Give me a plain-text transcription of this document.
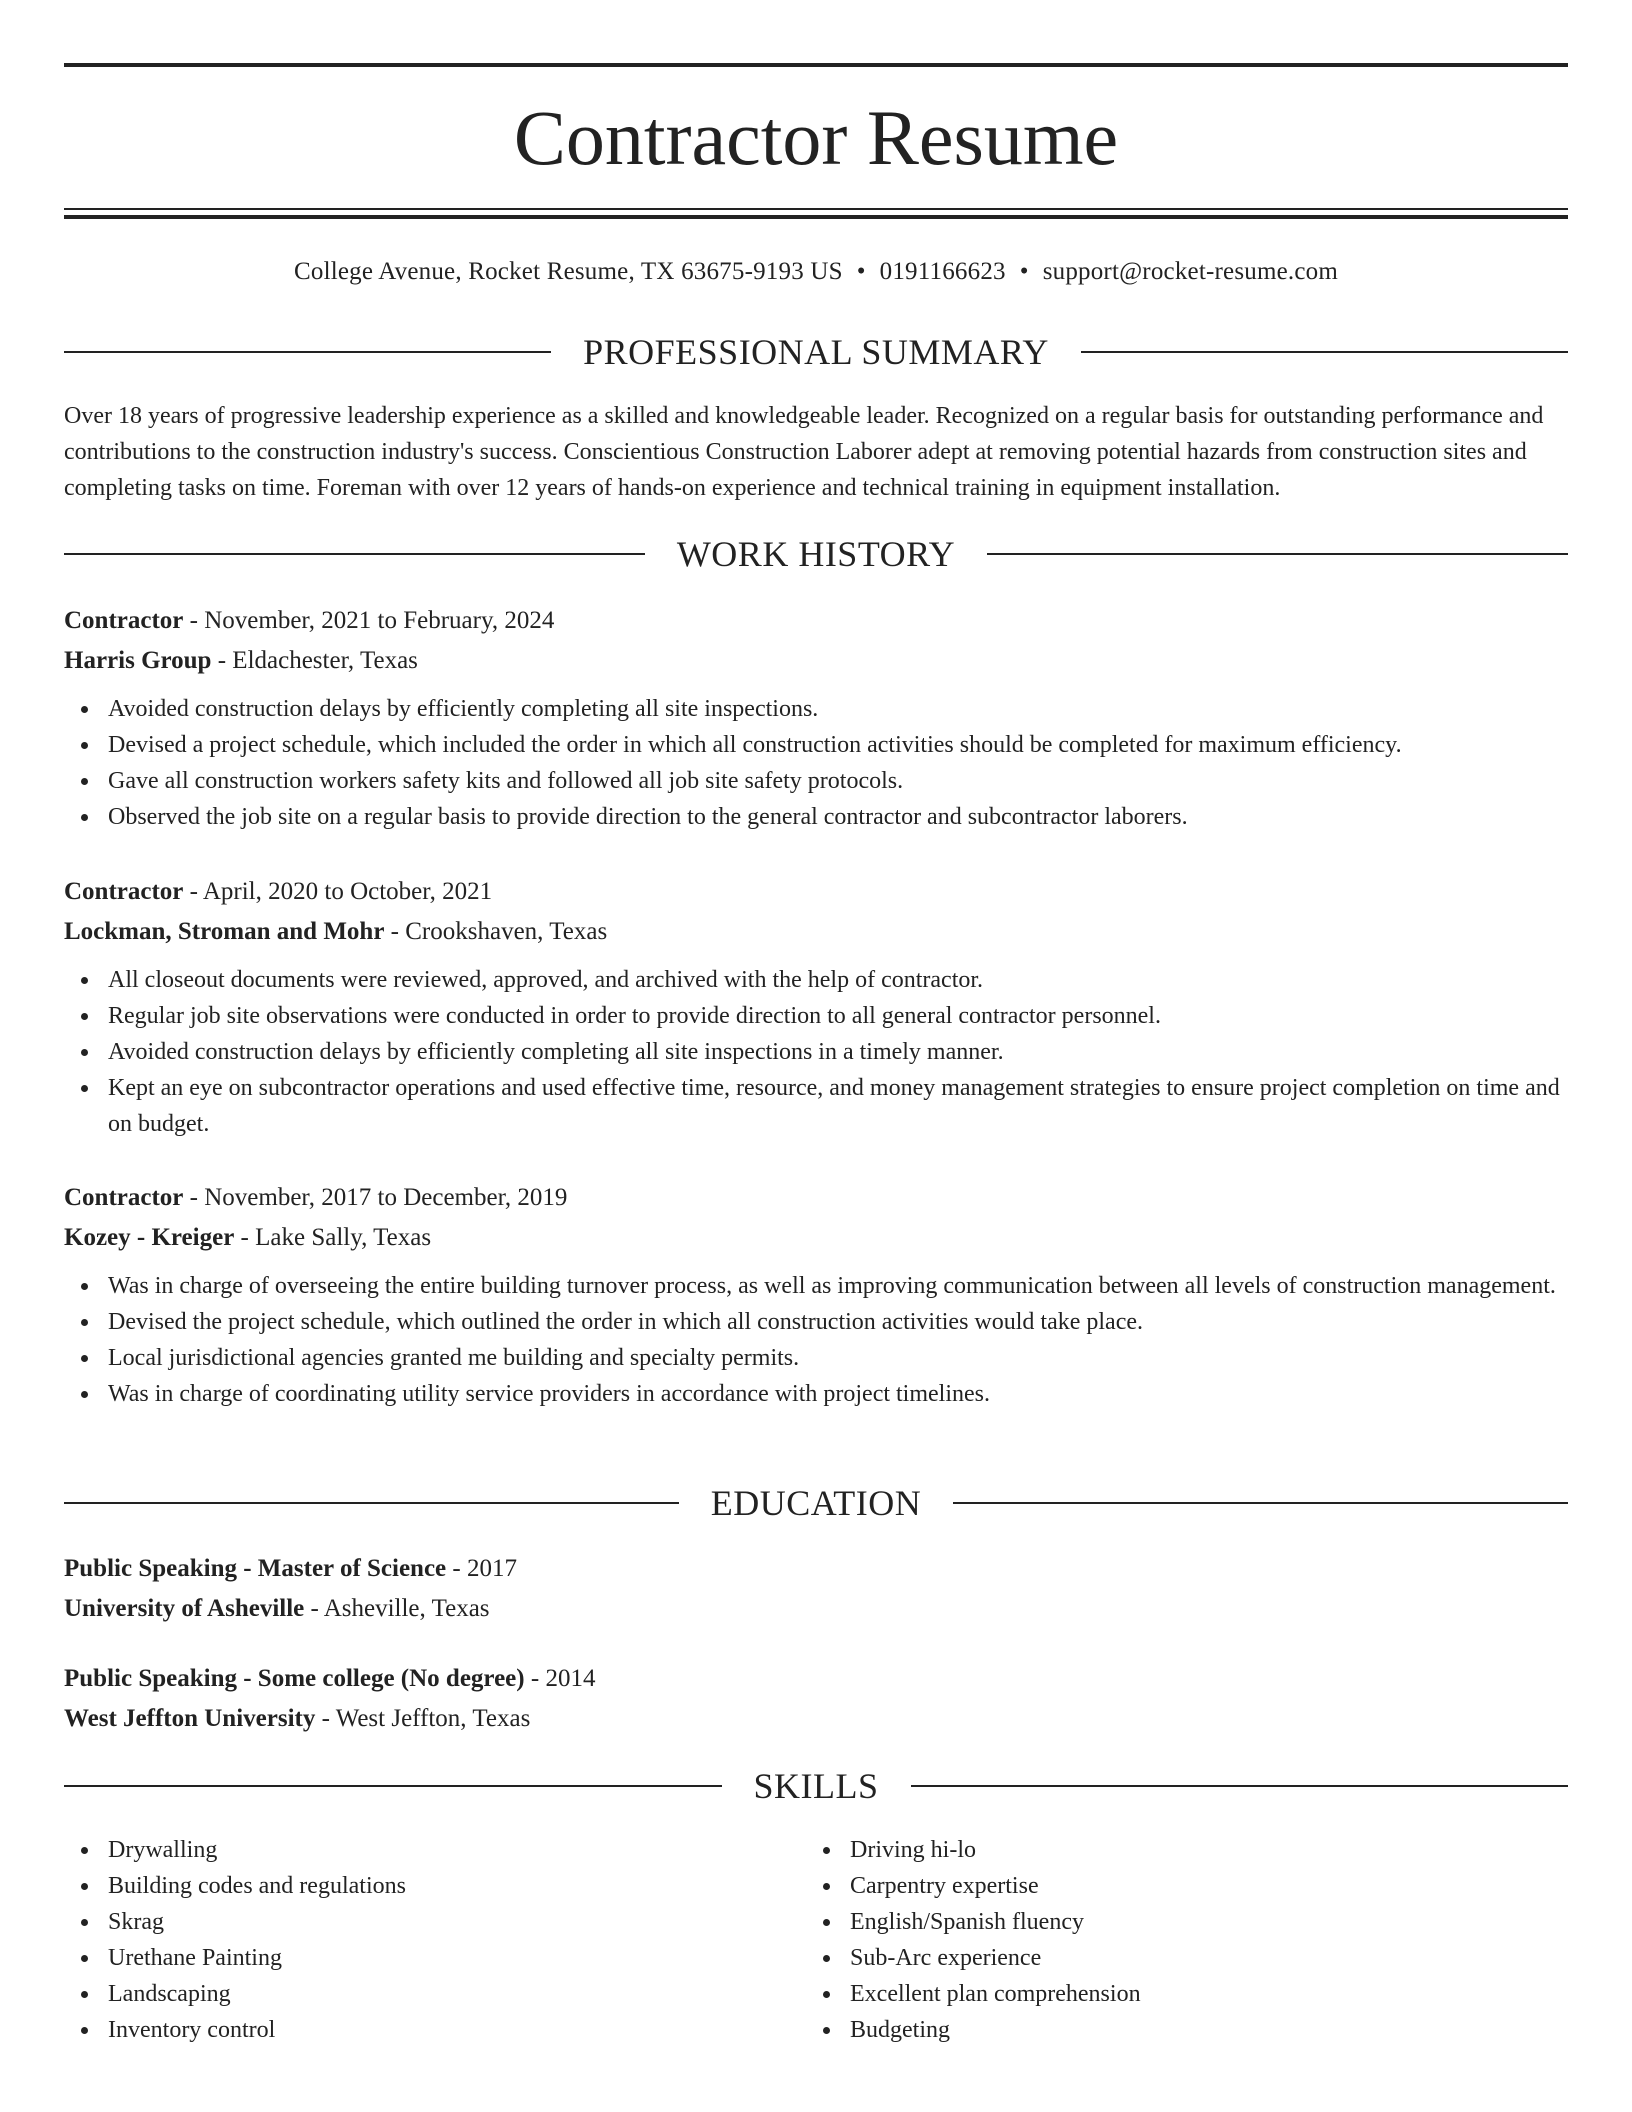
Contractor Resume
College Avenue, Rocket Resume, TX 63675-9193 US • 0191166623 • support@rocket-resume.com
PROFESSIONAL SUMMARY

Over 18 years of progressive leadership experience as a skilled and knowledgeable leader. Recognized on a regular basis for outstanding performance and contributions to the construction industry's success. Conscientious Construction Laborer adept at removing potential hazards from construction sites and completing tasks on time. Foreman with over 12 years of hands-on experience and technical training in equipment installation.

WORK HISTORY
Contractor - November, 2021 to February, 2024
Harris Group - Eldachester, Texas
Avoided construction delays by efficiently completing all site inspections.
Devised a project schedule, which included the order in which all construction activities should be completed for maximum efficiency.
Gave all construction workers safety kits and followed all job site safety protocols.
Observed the job site on a regular basis to provide direction to the general contractor and subcontractor laborers.
Contractor - April, 2020 to October, 2021
Lockman, Stroman and Mohr - Crookshaven, Texas
All closeout documents were reviewed, approved, and archived with the help of contractor.
Regular job site observations were conducted in order to provide direction to all general contractor personnel.
Avoided construction delays by efficiently completing all site inspections in a timely manner.
Kept an eye on subcontractor operations and used effective time, resource, and money management strategies to ensure project completion on time and on budget.
Contractor - November, 2017 to December, 2019
Kozey - Kreiger - Lake Sally, Texas
Was in charge of overseeing the entire building turnover process, as well as improving communication between all levels of construction management.
Devised the project schedule, which outlined the order in which all construction activities would take place.
Local jurisdictional agencies granted me building and specialty permits.
Was in charge of coordinating utility service providers in accordance with project timelines.
EDUCATION
Public Speaking - Master of Science - 2017
University of Asheville - Asheville, Texas
Public Speaking - Some college (No degree) - 2014
West Jeffton University - West Jeffton, Texas
SKILLS
Drywalling
Building codes and regulations
Skrag
Urethane Painting
Landscaping
Inventory control
Driving hi-lo
Carpentry expertise
English/Spanish fluency
Sub-Arc experience
Excellent plan comprehension
Budgeting
